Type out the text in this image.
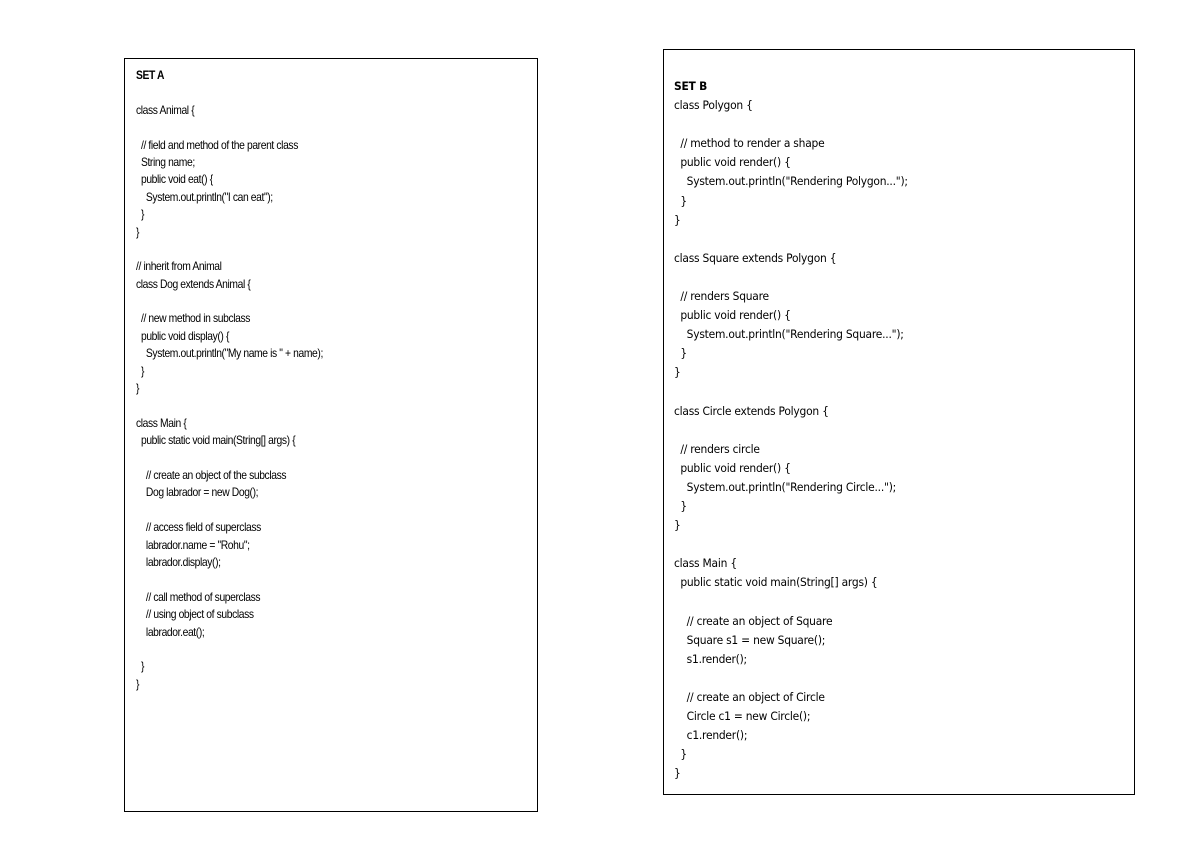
SET A
class Animal {
// field and method of the parent class
String name;
public void eat() {
System.out.println("I can eat");
}
}
// inherit from Animal
class Dog extends Animal {
// new method in subclass
public void display() {
System.out.println("My name is " + name);
}
}
class Main {
public static void main(String[] args) {
// create an object of the subclass
Dog labrador = new Dog();
// access field of superclass
labrador.name = "Rohu";
labrador.display();
// call method of superclass
// using object of subclass
labrador.eat();
}
}
SET B
class Polygon {
// method to render a shape
public void render() {
System.out.println("Rendering Polygon...");
}
}
class Square extends Polygon {
// renders Square
public void render() {
System.out.println("Rendering Square...");
}
}
class Circle extends Polygon {
// renders circle
public void render() {
System.out.println("Rendering Circle...");
}
}
class Main {
public static void main(String[] args) {
// create an object of Square
Square s1 = new Square();
s1.render();
// create an object of Circle
Circle c1 = new Circle();
c1.render();
}
}
